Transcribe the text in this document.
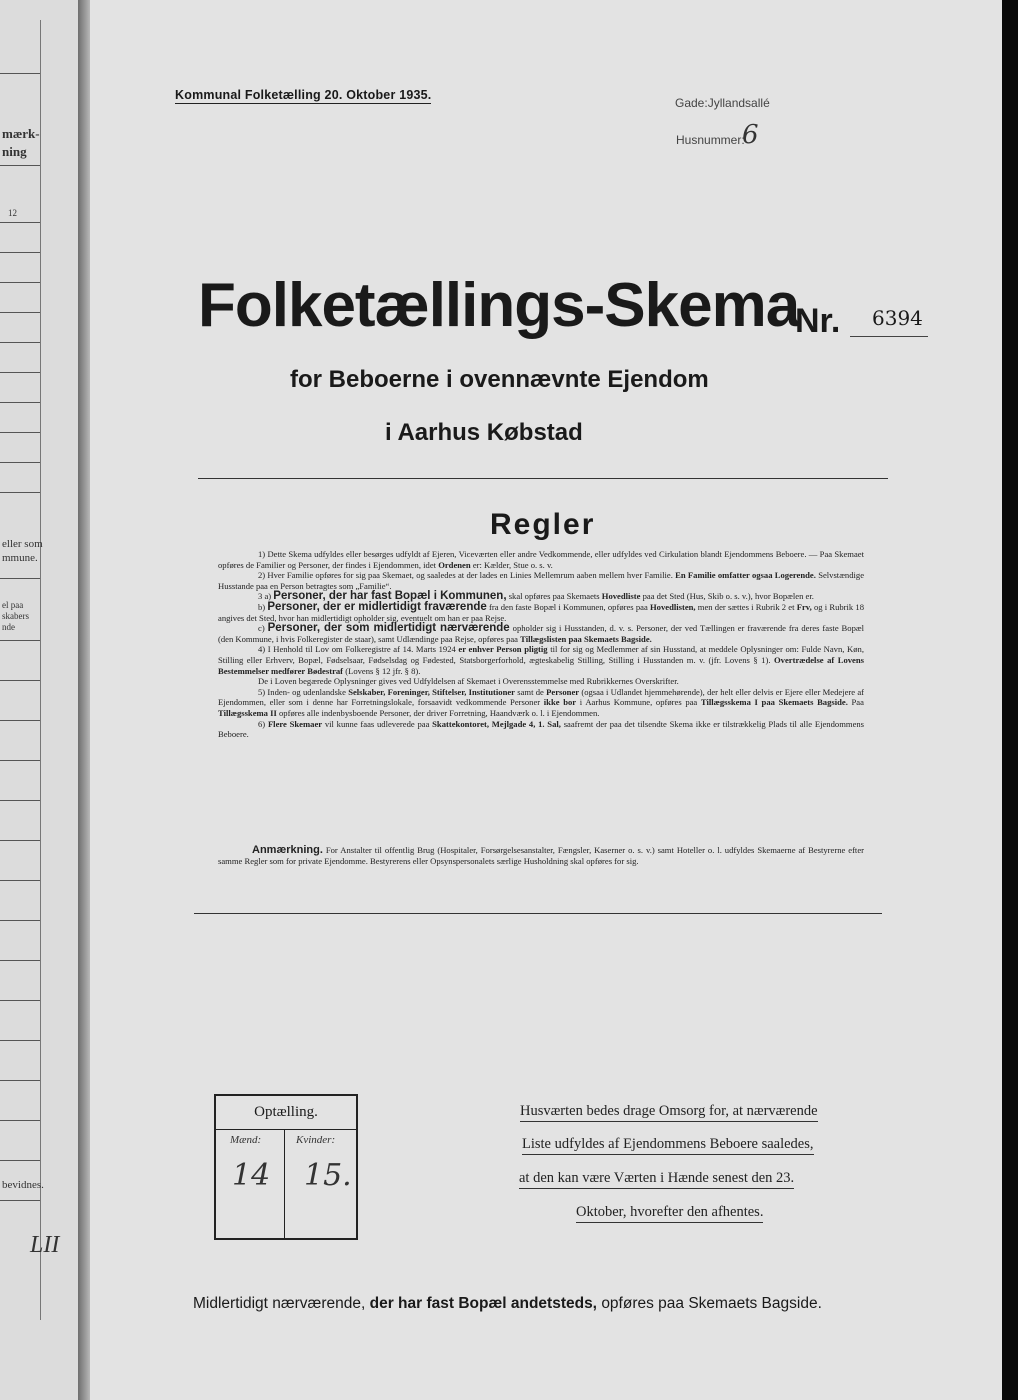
mærk-
ning
12
eller som
mmune.
el paa
skabers
nde
bevidnes.
LII
Kommunal Folketælling 20. Oktober 1935.
Gade:Jyllandsallé
Husnummer:
6
Folketællings-Skema
Nr. 6394
for Beboerne i ovennævnte Ejendom
i Aarhus Købstad
Regler

1) Dette Skema udfyldes eller besørges udfyldt af Ejeren, Viceværten eller andre Vedkommende, eller udfyldes ved Cirkulation blandt Ejendommens Beboere. — Paa Skemaet opføres de Familier og Personer, der findes i Ejendommen, idet Ordenen er: Kælder, Stue o. s. v.

2) Hver Familie opføres for sig paa Skemaet, og saaledes at der lades en Linies Mellemrum aaben mellem hver Familie. En Familie omfatter ogsaa Logerende. Selvstændige Husstande paa en Person betragtes som „Familie“.

3 a) Personer, der har fast Bopæl i Kommunen, skal opføres paa Skemaets Hovedliste paa det Sted (Hus, Skib o. s. v.), hvor Bopælen er.

b) Personer, der er midlertidigt fraværende fra den faste Bopæl i Kommunen, opføres paa Hovedlisten, men der sættes i Rubrik 2 et Frv, og i Rubrik 18 angives det Sted, hvor han midlertidigt opholder sig, eventuelt om han er paa Rejse.

c) Personer, der som midlertidigt nærværende opholder sig i Husstanden, d. v. s. Personer, der ved Tællingen er fraværende fra deres faste Bopæl (den Kommune, i hvis Folkeregister de staar), samt Udlændinge paa Rejse, opføres paa Tillægslisten paa Skemaets Bagside.

4) I Henhold til Lov om Folkeregistre af 14. Marts 1924 er enhver Person pligtig til for sig og Medlemmer af sin Husstand, at meddele Oplysninger om: Fulde Navn, Køn, Stilling eller Erhverv, Bopæl, Fødselsaar, Fødselsdag og Fødested, Statsborgerforhold, ægteskabelig Stilling, Stilling i Husstanden m. v. (jfr. Lovens § 1). Overtrædelse af Lovens Bestemmelser medfører Bødestraf (Lovens § 12 jfr. § 8).

De i Loven begærede Oplysninger gives ved Udfyldelsen af Skemaet i Overensstemmelse med Rubrikkernes Overskrifter.

5) Inden- og udenlandske Selskaber, Foreninger, Stiftelser, Institutioner samt de Personer (ogsaa i Udlandet hjemmehørende), der helt eller delvis er Ejere eller Medejere af Ejendommen, eller som i denne har Forretningslokale, forsaavidt vedkommende Personer ikke bor i Aarhus Kommune, opføres paa Tillægsskema I paa Skemaets Bagside. Paa Tillægsskema II opføres alle indenbysboende Personer, der driver Forretning, Haandværk o. l. i Ejendommen.

6) Flere Skemaer vil kunne faas udleverede paa Skattekontoret, Mejlgade 4, 1. Sal, saafremt der paa det tilsendte Skema ikke er tilstrækkelig Plads til alle Ejendommens Beboere.

Anmærkning. For Anstalter til offentlig Brug (Hospitaler, Forsørgelsesanstalter, Fængsler, Kaserner o. s. v.) samt Hoteller o. l. udfyldes Skemaerne af Bestyrerne efter samme Regler som for private Ejendomme. Bestyrerens eller Opsynspersonalets særlige Husholdning skal opføres for sig.

Optælling.
Mænd:	Kvinder:
14 15.
Husværten bedes drage Omsorg for, at nærværende
Liste udfyldes af Ejendommens Beboere saaledes,
at den kan være Værten i Hænde senest den 23.
Oktober, hvorefter den afhentes.
Midlertidigt nærværende, der har fast Bopæl andetsteds, opføres paa Skemaets Bagside.
